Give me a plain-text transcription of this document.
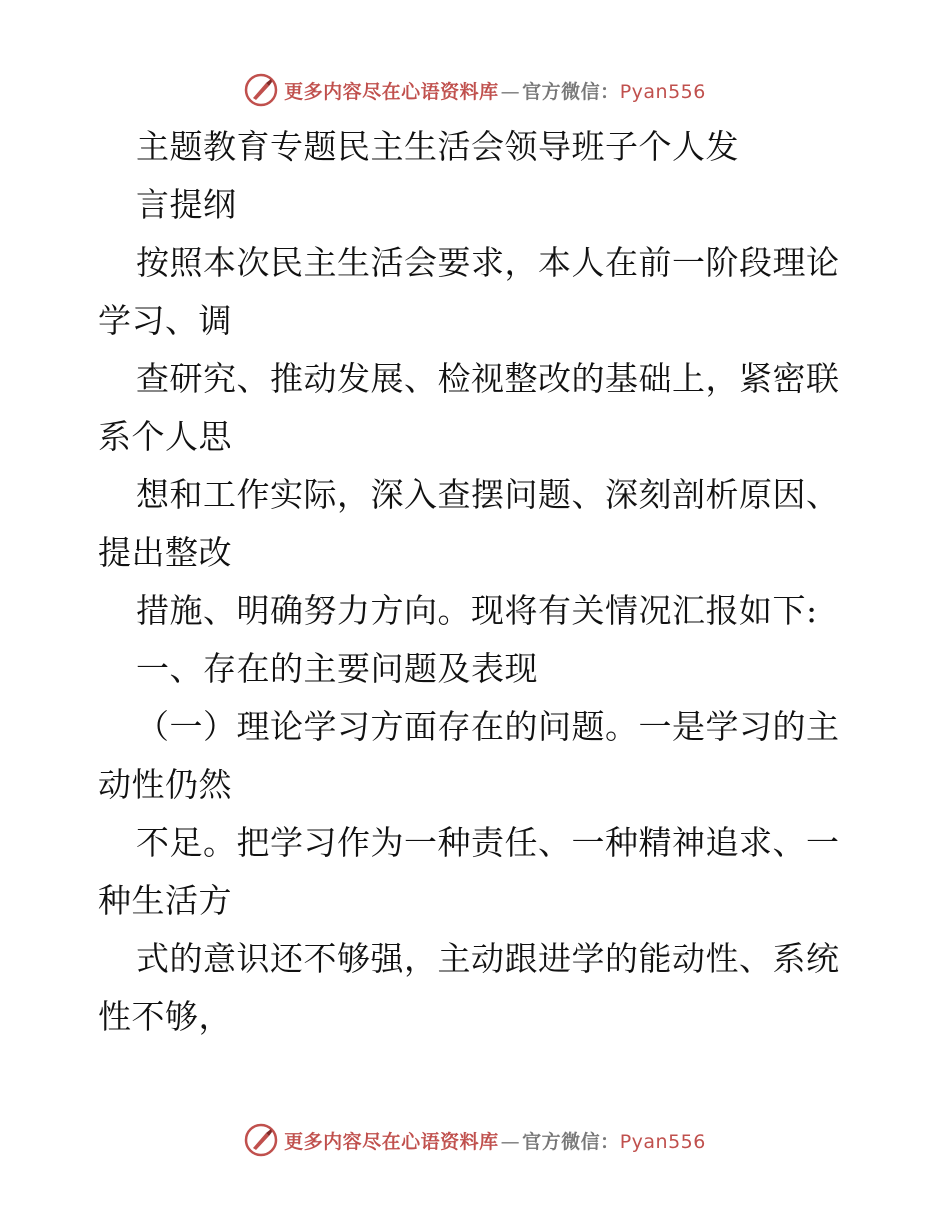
更多内容尽在心语资料库 — 官方微信：Pyan556
主题教育专题民主生活会领导班子个人发
言提纲
按照本次民主生活会要求，本人在前一阶段理论
学习、调
查研究、推动发展、检视整改的基础上，紧密联
系个人思
想和工作实际，深入查摆问题、深刻剖析原因、
提出整改
措施、明确努力方向。现将有关情况汇报如下:
一、存在的主要问题及表现
（一）理论学习方面存在的问题。一是学习的主
动性仍然
不足。把学习作为一种责任、一种精神追求、一
种生活方
式的意识还不够强，主动跟进学的能动性、系统
性不够，
更多内容尽在心语资料库 — 官方微信：Pyan556
